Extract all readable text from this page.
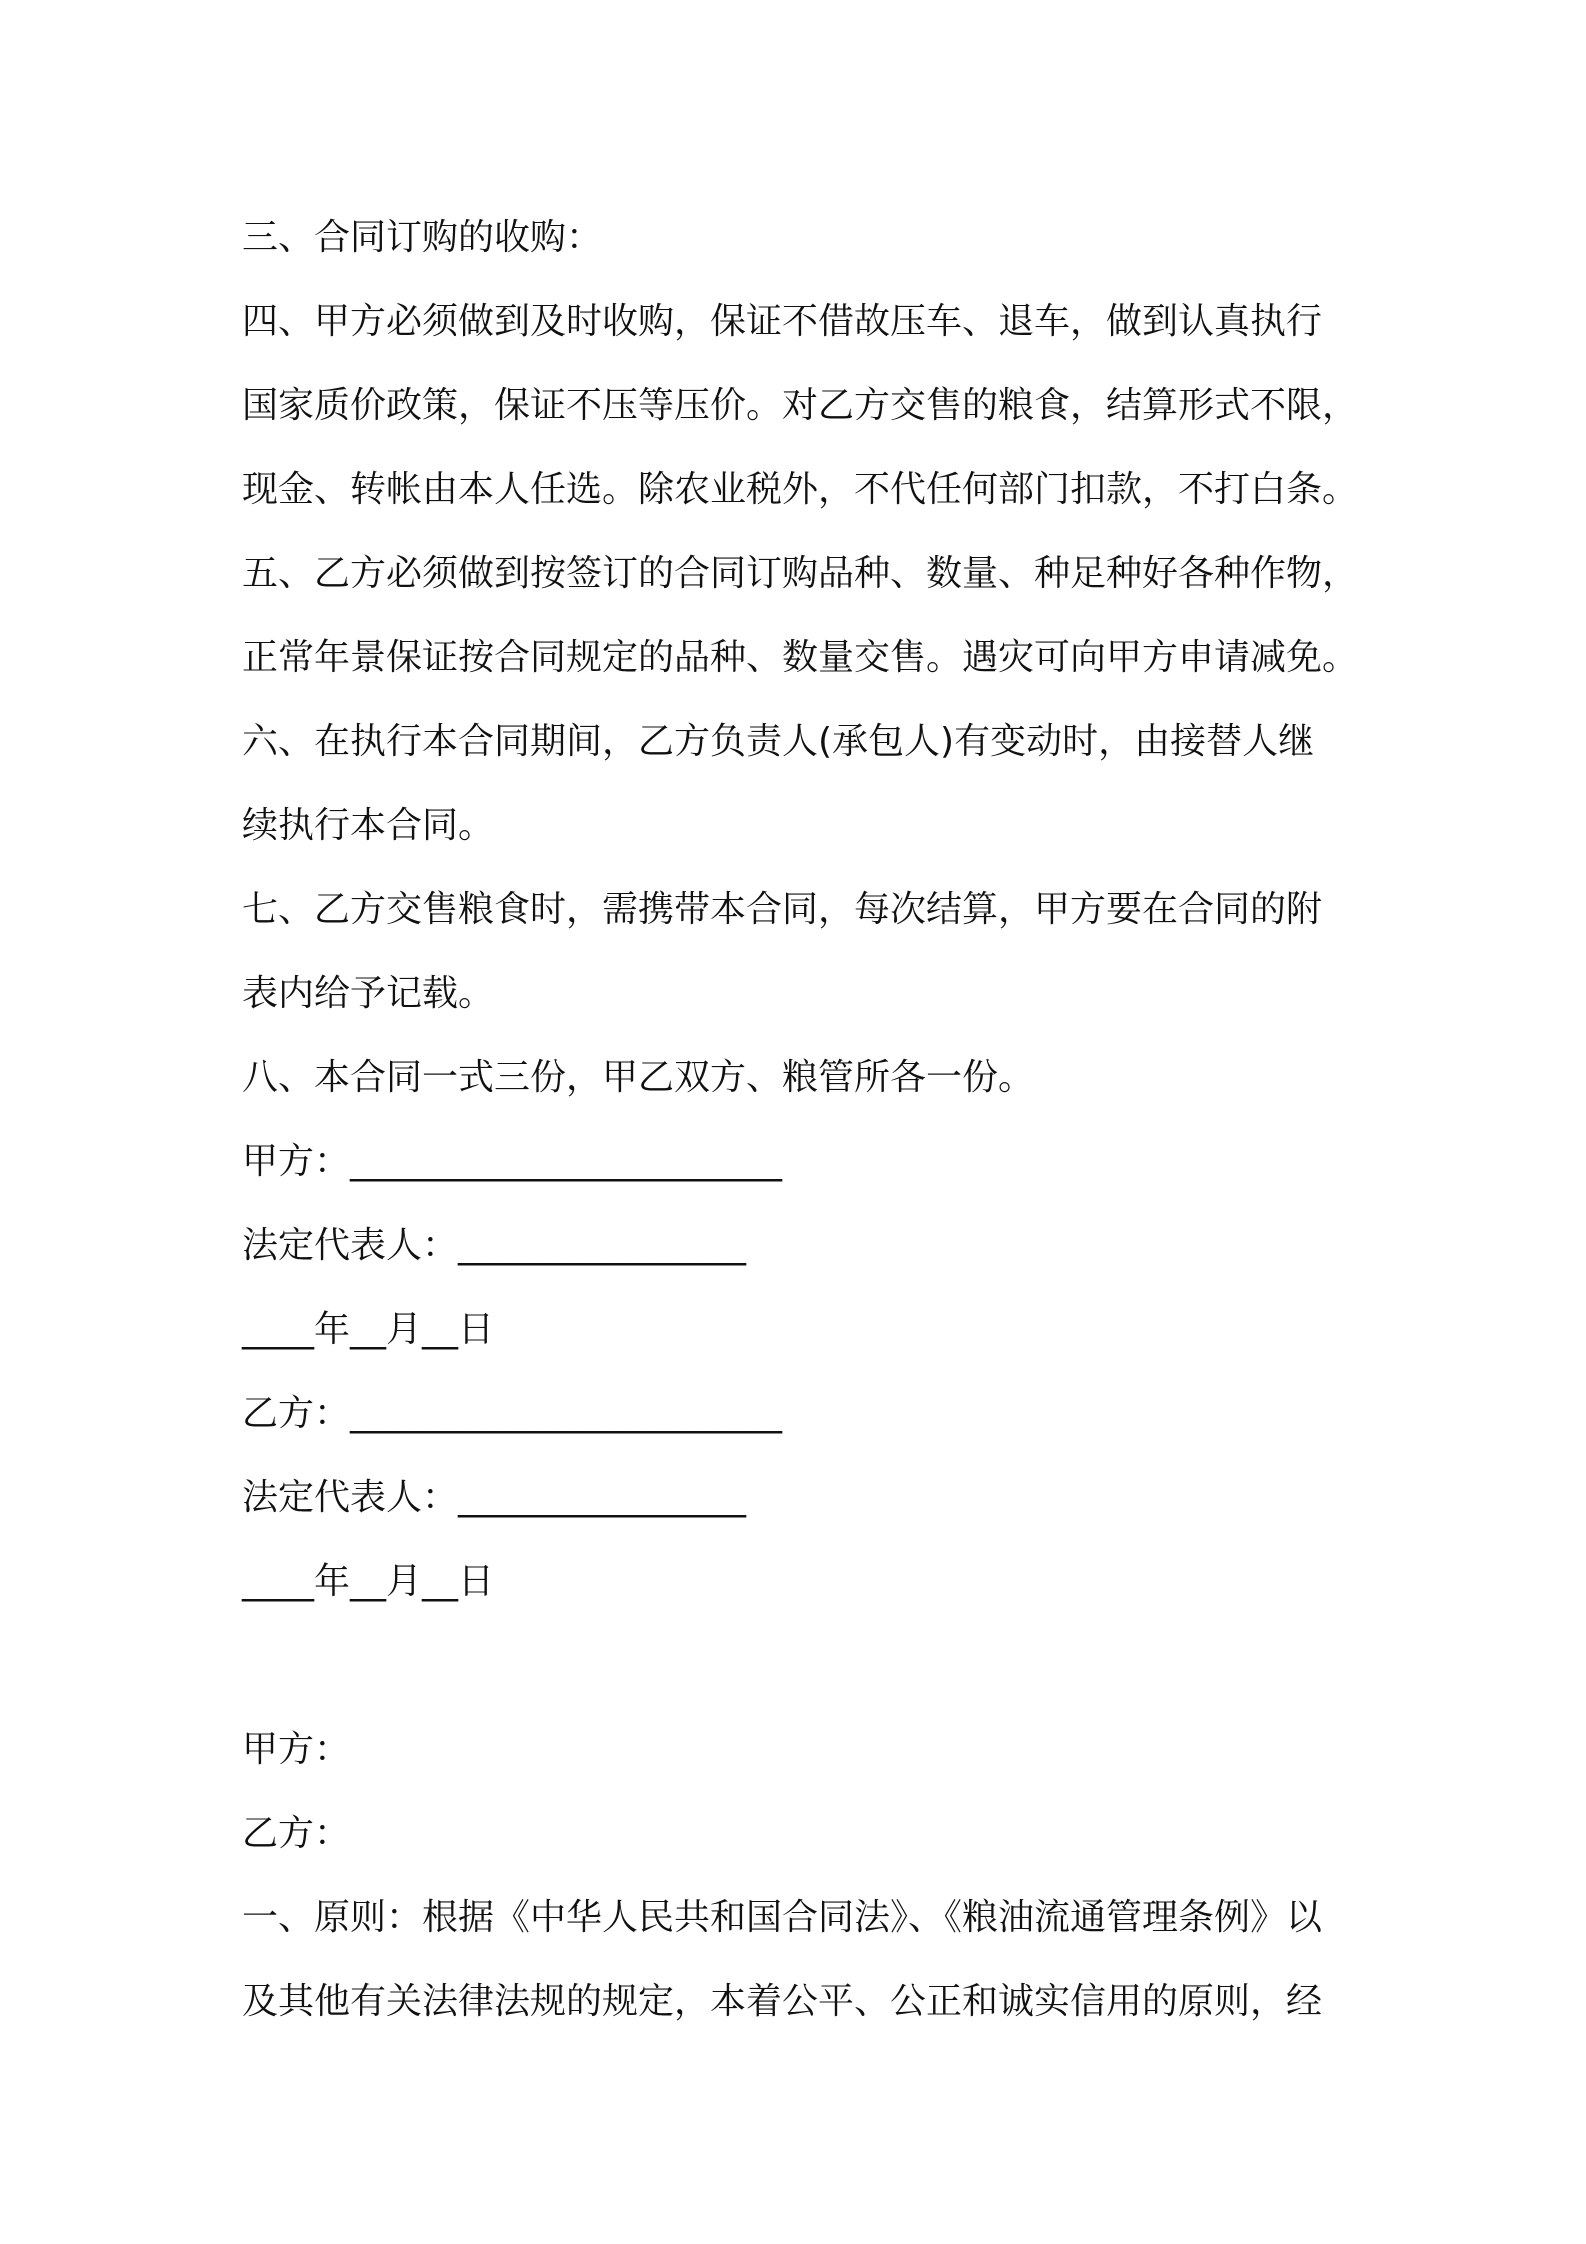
三、合同订购的收购：
四、甲方必须做到及时收购，保证不借故压车、退车，做到认真执行
国家质价政策，保证不压等压价。对乙方交售的粮食，结算形式不限，
现金、转帐由本人任选。除农业税外，不代任何部门扣款，不打白条。
五、乙方必须做到按签订的合同订购品种、数量、种足种好各种作物，
正常年景保证按合同规定的品种、数量交售。遇灾可向甲方申请减免。
六、在执行本合同期间，乙方负责人(承包人)有变动时，由接替人继
续执行本合同。
七、乙方交售粮食时，需携带本合同，每次结算，甲方要在合同的附
表内给予记载。
八、本合同一式三份，甲乙双方、粮管所各一份。
甲方：________________________
法定代表人：________________
____年__月__日
乙方：________________________
法定代表人：________________
____年__月__日
甲方：
乙方：
一、原则：根据《中华人民共和国合同法》、《粮油流通管理条例》以
及其他有关法律法规的规定，本着公平、公正和诚实信用的原则，经
